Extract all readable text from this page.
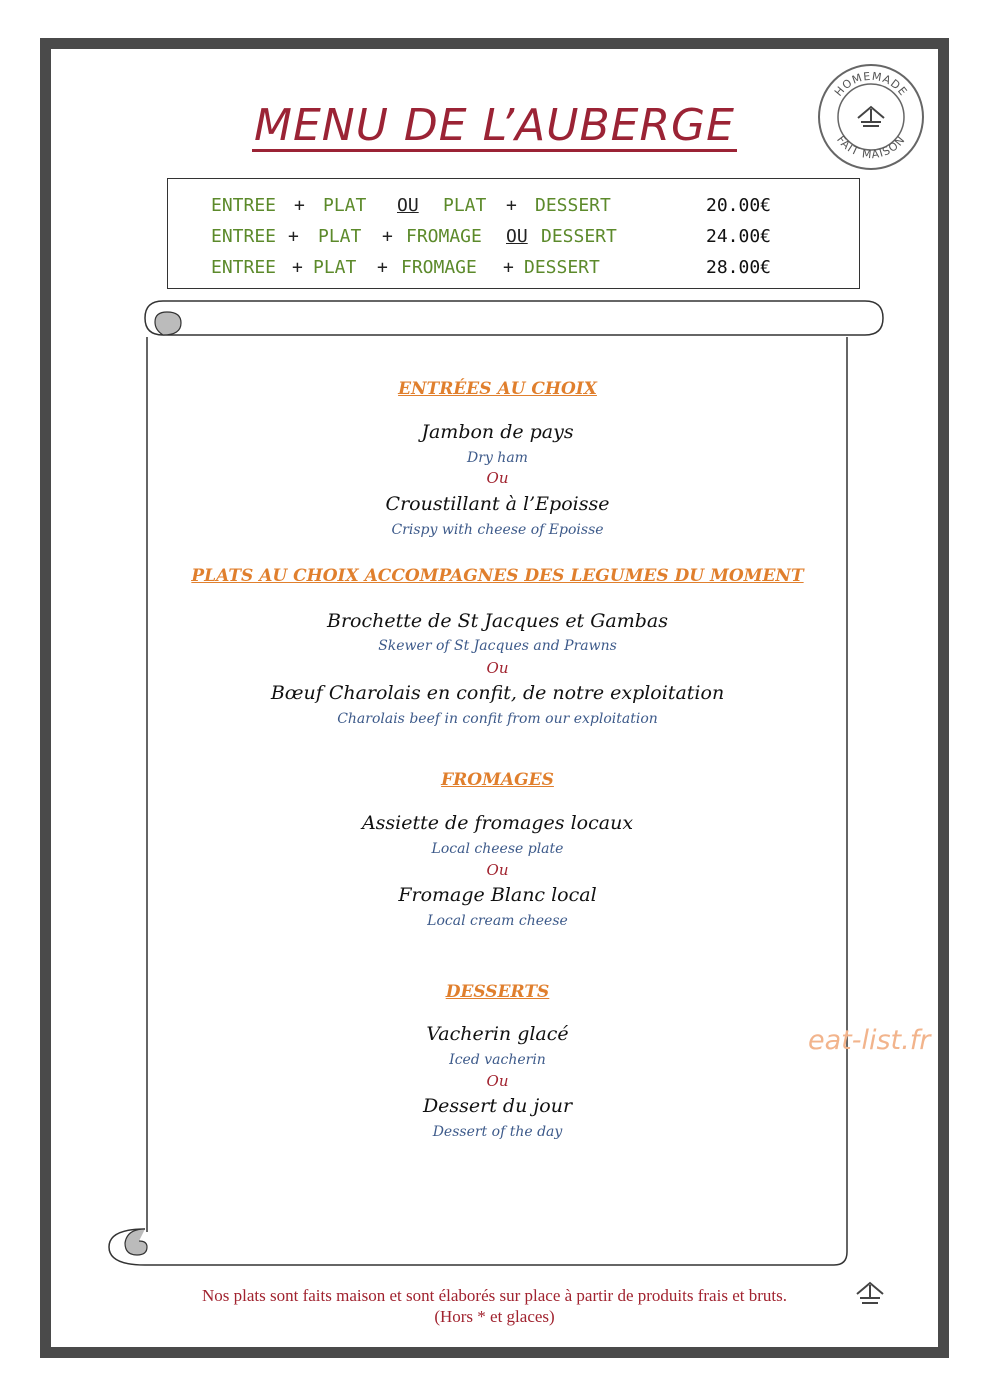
MENU DE L’AUBERGE
HOMEMADE
FAIT MAISON
ENTREE + PLAT OU PLAT + DESSERT	20.00€
ENTREE + PLAT + FROMAGE OU DESSERT	24.00€
ENTREE + PLAT + FROMAGE + DESSERT	28.00€
ENTRÉES AU CHOIX
Jambon de pays
Dry ham
Ou
Croustillant à l’Epoisse
Crispy with cheese of Epoisse
PLATS AU CHOIX ACCOMPAGNES DES LEGUMES DU MOMENT
Brochette de St Jacques et Gambas
Skewer of St Jacques and Prawns
Ou
Bœuf Charolais en confit, de notre exploitation
Charolais beef in confit from our exploitation
FROMAGES
Assiette de fromages locaux
Local cheese plate
Ou
Fromage Blanc local
Local cream cheese
DESSERTS
Vacherin glacé
Iced vacherin
Ou
Dessert du jour
Dessert of the day
eat-list.fr
Nos plats sont faits maison et sont élaborés sur place à partir de produits frais et bruts.
(Hors * et glaces)
